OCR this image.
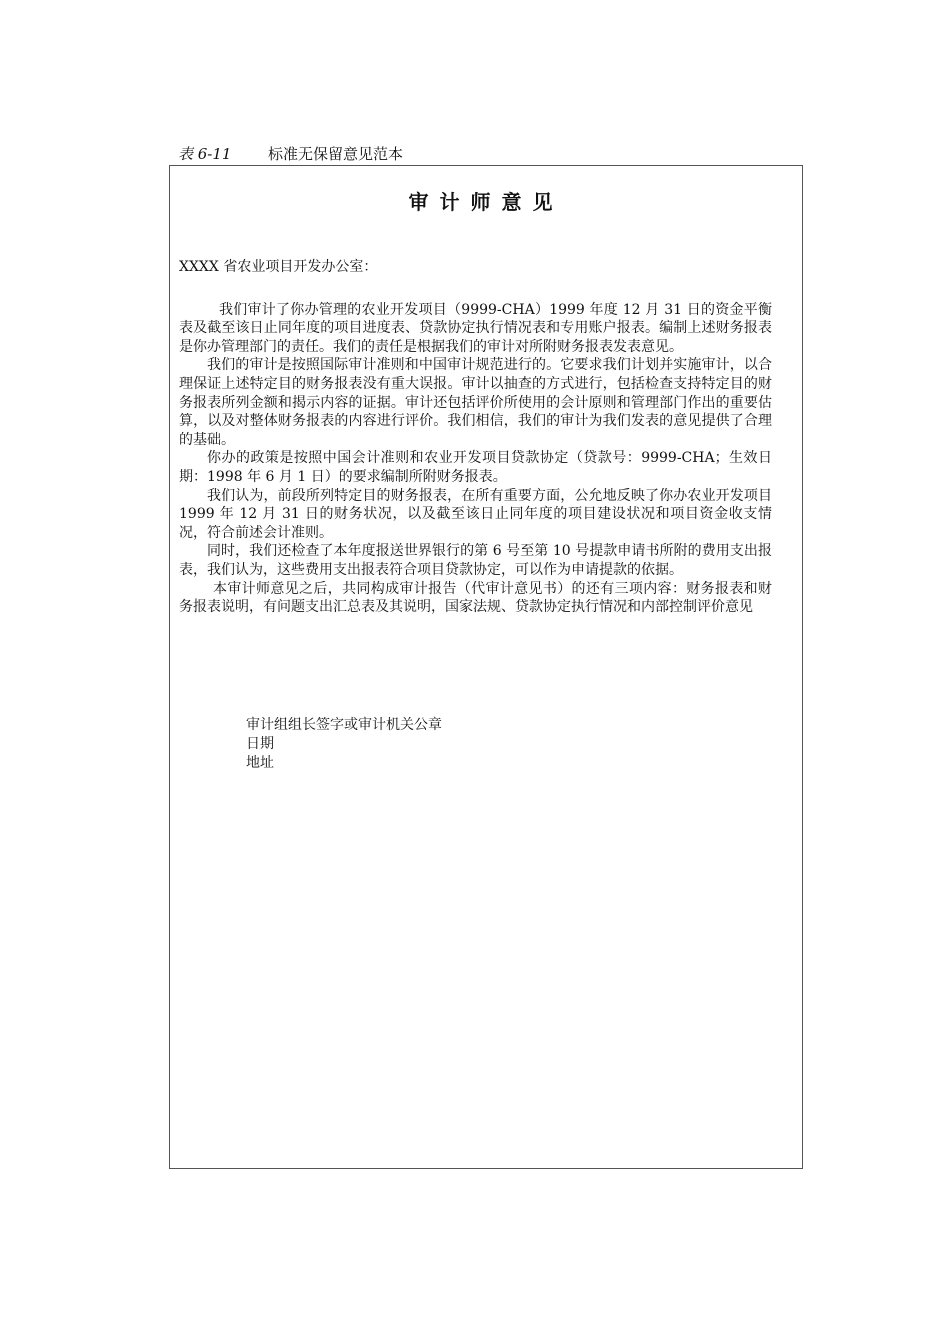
表 6-11 标准无保留意见范本
审计师意见

XXXX 省农业项目开发办公室：

我们审计了你办管理的农业开发项目（9999-CHA）1999 年度 12 月 31 日的资金平衡表及截至该日止同年度的项目进度表、贷款协定执行情况表和专用账户报表。编制上述财务报表是你办管理部门的责任。我们的责任是根据我们的审计对所附财务报表发表意见。

我们的审计是按照国际审计准则和中国审计规范进行的。它要求我们计划并实施审计，以合理保证上述特定目的财务报表没有重大误报。审计以抽查的方式进行，包括检查支持特定目的财务报表所列金额和揭示内容的证据。审计还包括评价所使用的会计原则和管理部门作出的重要估算，以及对整体财务报表的内容进行评价。我们相信，我们的审计为我们发表的意见提供了合理的基础。

你办的政策是按照中国会计准则和农业开发项目贷款协定（贷款号：9999-CHA；生效日期：1998 年 6 月 1 日）的要求编制所附财务报表。

我们认为，前段所列特定目的财务报表，在所有重要方面，公允地反映了你办农业开发项目 1999 年 12 月 31 日的财务状况，以及截至该日止同年度的项目建设状况和项目资金收支情况，符合前述会计准则。

同时，我们还检查了本年度报送世界银行的第 6 号至第 10 号提款申请书所附的费用支出报表，我们认为，这些费用支出报表符合项目贷款协定，可以作为申请提款的依据。

本审计师意见之后，共同构成审计报告（代审计意见书）的还有三项内容：财务报表和财务报表说明，有问题支出汇总表及其说明，国家法规、贷款协定执行情况和内部控制评价意见

审计组组长签字或审计机关公章
日期
地址
